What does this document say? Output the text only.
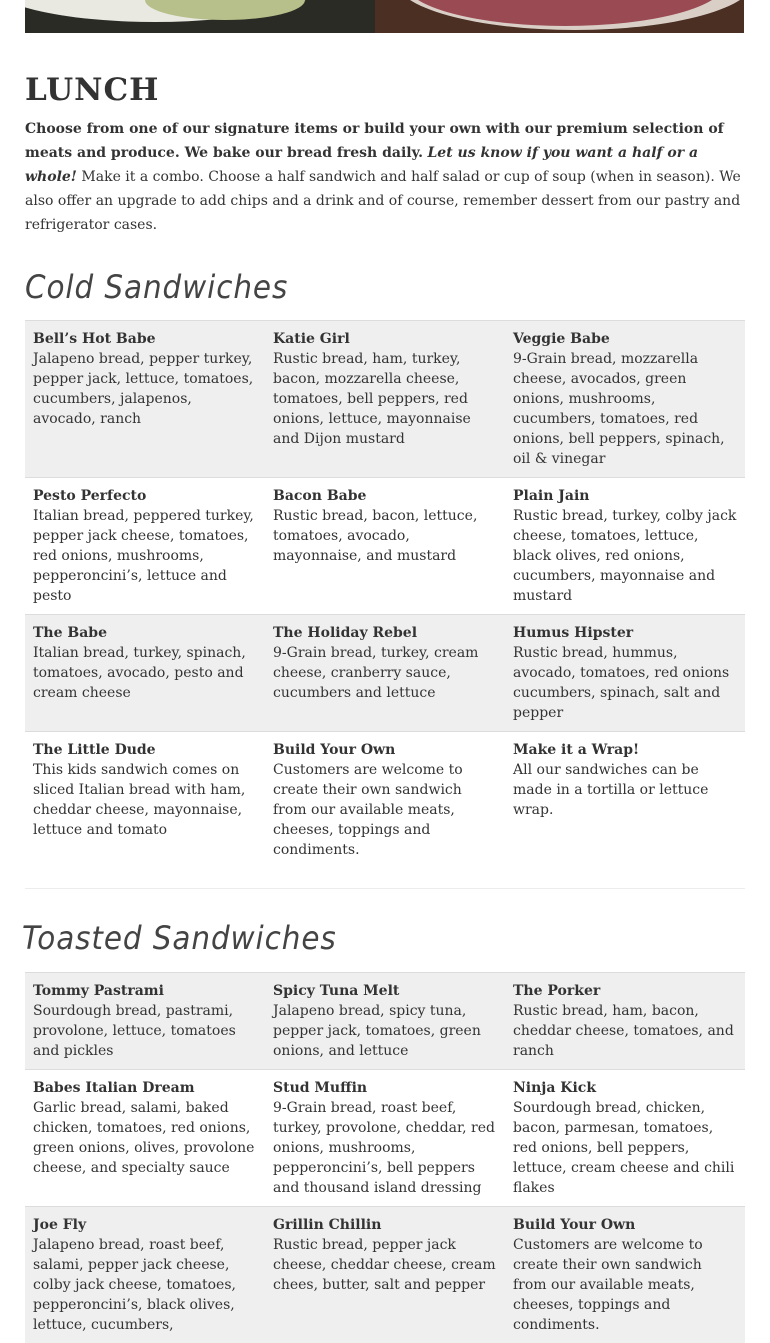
LUNCH

Choose from one of our signature items or build your own with our premium selection of meats and produce. We bake our bread fresh daily. Let us know if you want a half or a whole! Make it a combo. Choose a half sandwich and half salad or cup of soup (when in season). We also offer an upgrade to add chips and a drink and of course, remember dessert from our pastry and refrigerator cases.

Cold Sandwiches
Bell’s Hot Babe
Jalapeno bread, pepper turkey, pepper jack, lettuce, tomatoes, cucumbers, jalapenos, avocado, ranch
Katie Girl
Rustic bread, ham, turkey, bacon, mozzarella cheese, tomatoes, bell peppers, red onions, lettuce, mayonnaise and Dijon mustard
Veggie Babe
9-Grain bread, mozzarella cheese, avocados, green onions, mushrooms, cucumbers, tomatoes, red onions, bell peppers, spinach, oil & vinegar
Pesto Perfecto
Italian bread, peppered turkey, pepper jack cheese, tomatoes, red onions, mushrooms, pepperoncini’s, lettuce and pesto
Bacon Babe
Rustic bread, bacon, lettuce, tomatoes, avocado, mayonnaise, and mustard
Plain Jain
Rustic bread, turkey, colby jack cheese, tomatoes, lettuce, black olives, red onions, cucumbers, mayonnaise and mustard
The Babe
Italian bread, turkey, spinach, tomatoes, avocado, pesto and cream cheese
The Holiday Rebel
9-Grain bread, turkey, cream cheese, cranberry sauce, cucumbers and lettuce
Humus Hipster
Rustic bread, hummus, avocado, tomatoes, red onions cucumbers, spinach, salt and pepper
The Little Dude
This kids sandwich comes on sliced Italian bread with ham, cheddar cheese, mayonnaise, lettuce and tomato
Build Your Own
Customers are welcome to create their own sandwich from our available meats, cheeses, toppings and condiments.
Make it a Wrap!
All our sandwiches can be made in a tortilla or lettuce wrap.
Toasted Sandwiches
Tommy Pastrami
Sourdough bread, pastrami, provolone, lettuce, tomatoes and pickles
Spicy Tuna Melt
Jalapeno bread, spicy tuna, pepper jack, tomatoes, green onions, and lettuce
The Porker
Rustic bread, ham, bacon, cheddar cheese, tomatoes, and ranch
Babes Italian Dream
Garlic bread, salami, baked chicken, tomatoes, red onions, green onions, olives, provolone cheese, and specialty sauce
Stud Muffin
9-Grain bread, roast beef, turkey, provolone, cheddar, red onions, mushrooms, pepperoncini’s, bell peppers and thousand island dressing
Ninja Kick
Sourdough bread, chicken, bacon, parmesan, tomatoes, red onions, bell peppers, lettuce, cream cheese and chili flakes
Joe Fly
Jalapeno bread, roast beef, salami, pepper jack cheese, colby jack cheese, tomatoes, pepperoncini’s, black olives, lettuce, cucumbers,
Grillin Chillin
Rustic bread, pepper jack cheese, cheddar cheese, cream chees, butter, salt and pepper
Build Your Own
Customers are welcome to create their own sandwich from our available meats, cheeses, toppings and condiments.
